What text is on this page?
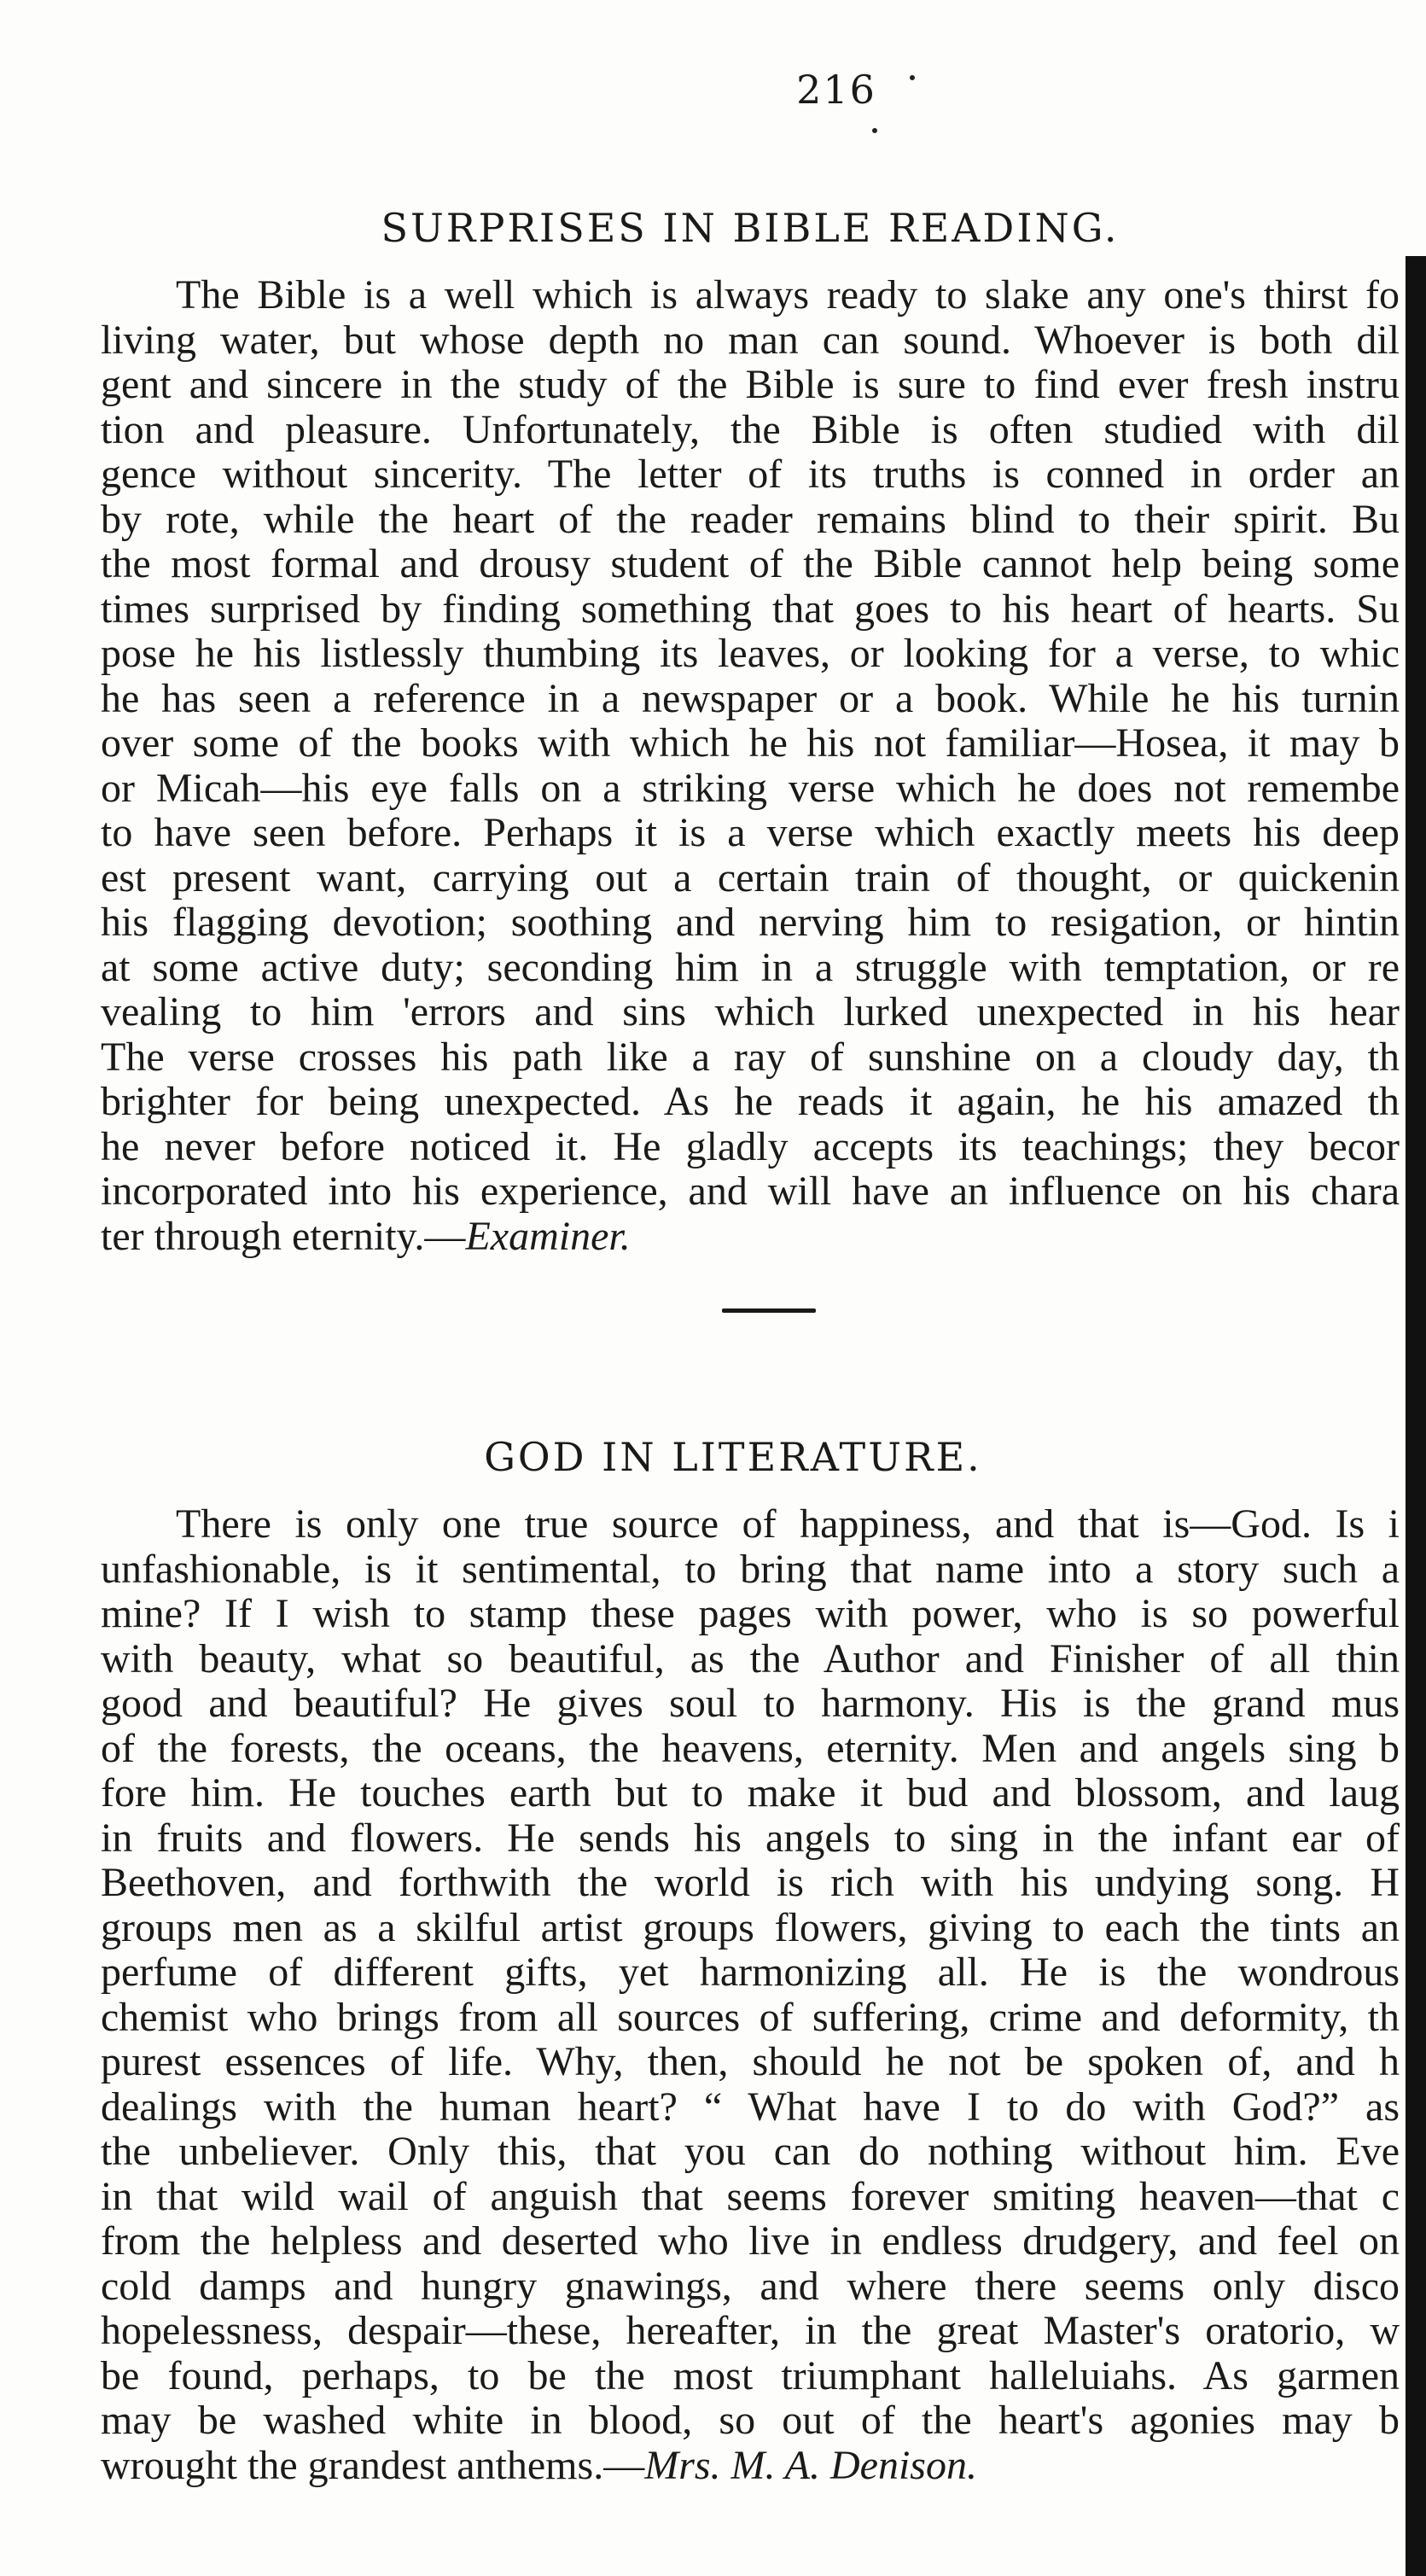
216
SURPRISES IN BIBLE READING.
The Bible is a well which is always ready to slake any one's thirst fo
living water, but whose depth no man can sound. Whoever is both dil
gent and sincere in the study of the Bible is sure to find ever fresh instru
tion and pleasure. Unfortunately, the Bible is often studied with dil
gence without sincerity. The letter of its truths is conned in order an
by rote, while the heart of the reader remains blind to their spirit. Bu
the most formal and drousy student of the Bible cannot help being some
times surprised by finding something that goes to his heart of hearts. Su
pose he his listlessly thumbing its leaves, or looking for a verse, to whic
he has seen a reference in a newspaper or a book. While he his turnin
over some of the books with which he his not familiar—Hosea, it may b
or Micah—his eye falls on a striking verse which he does not remembe
to have seen before. Perhaps it is a verse which exactly meets his deep
est present want, carrying out a certain train of thought, or quickenin
his flagging devotion; soothing and nerving him to resigation, or hintin
at some active duty; seconding him in a struggle with temptation, or re
vealing to him 'errors and sins which lurked unexpected in his hear
The verse crosses his path like a ray of sunshine on a cloudy day, th
brighter for being unexpected. As he reads it again, he his amazed th
he never before noticed it. He gladly accepts its teachings; they becor
incorporated into his experience, and will have an influence on his chara
ter through eternity.—Examiner.
GOD IN LITERATURE.
There is only one true source of happiness, and that is—God. Is i
unfashionable, is it sentimental, to bring that name into a story such a
mine? If I wish to stamp these pages with power, who is so powerful
with beauty, what so beautiful, as the Author and Finisher of all thin
good and beautiful? He gives soul to harmony. His is the grand mus
of the forests, the oceans, the heavens, eternity. Men and angels sing b
fore him. He touches earth but to make it bud and blossom, and laug
in fruits and flowers. He sends his angels to sing in the infant ear of
Beethoven, and forthwith the world is rich with his undying song. H
groups men as a skilful artist groups flowers, giving to each the tints an
perfume of different gifts, yet harmonizing all. He is the wondrous
chemist who brings from all sources of suffering, crime and deformity, th
purest essences of life. Why, then, should he not be spoken of, and h
dealings with the human heart? “ What have I to do with God?” as
the unbeliever. Only this, that you can do nothing without him. Eve
in that wild wail of anguish that seems forever smiting heaven—that c
from the helpless and deserted who live in endless drudgery, and feel on
cold damps and hungry gnawings, and where there seems only disco
hopelessness, despair—these, hereafter, in the great Master's oratorio, w
be found, perhaps, to be the most triumphant halleluiahs. As garmen
may be washed white in blood, so out of the heart's agonies may b
wrought the grandest anthems.—Mrs. M. A. Denison.
